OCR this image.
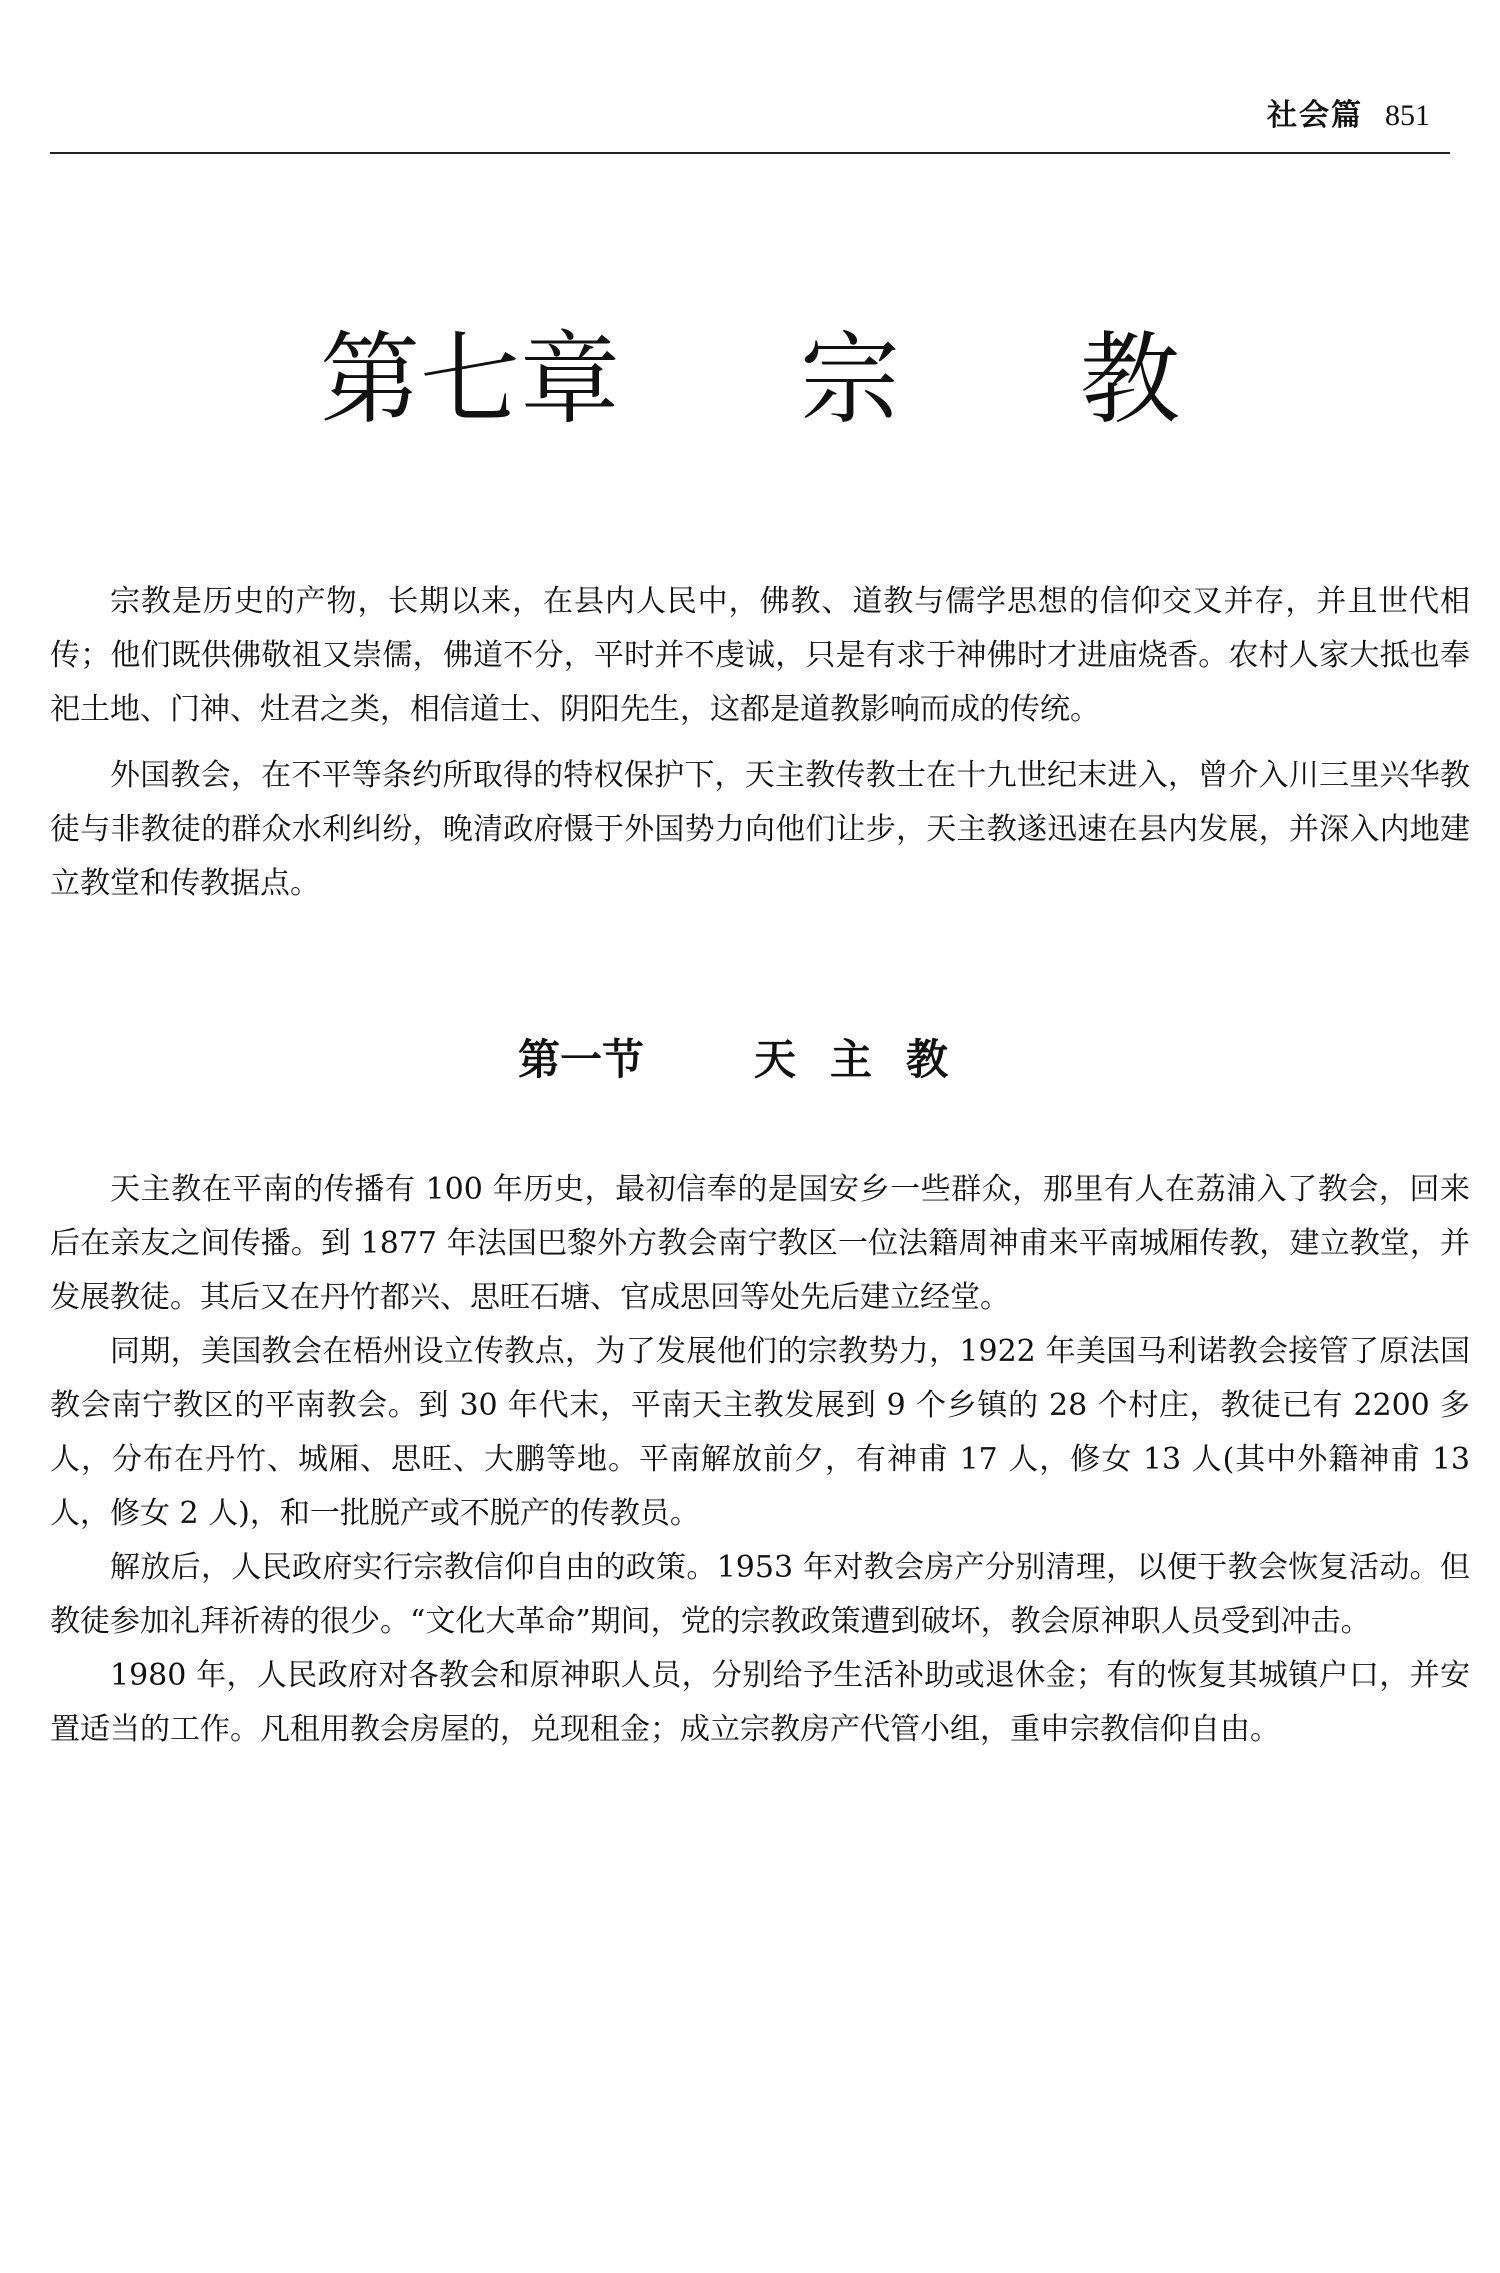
社会篇 851
第七章 宗 教

宗教是历史的产物，长期以来，在县内人民中，佛教、道教与儒学思想的信仰交叉并存，并且世代相传；他们既供佛敬祖又崇儒，佛道不分，平时并不虔诚，只是有求于神佛时才进庙烧香。农村人家大抵也奉祀土地、门神、灶君之类，相信道士、阴阳先生，这都是道教影响而成的传统。

外国教会，在不平等条约所取得的特权保护下，天主教传教士在十九世纪末进入，曾介入川三里兴华教徒与非教徒的群众水利纠纷，晚清政府慑于外国势力向他们让步，天主教遂迅速在县内发展，并深入内地建立教堂和传教据点。

第一节	天主教

天主教在平南的传播有 100 年历史，最初信奉的是国安乡一些群众，那里有人在荔浦入了教会，回来后在亲友之间传播。到 1877 年法国巴黎外方教会南宁教区一位法籍周神甫来平南城厢传教，建立教堂，并发展教徒。其后又在丹竹都兴、思旺石塘、官成思回等处先后建立经堂。

同期，美国教会在梧州设立传教点，为了发展他们的宗教势力，1922 年美国马利诺教会接管了原法国教会南宁教区的平南教会。到 30 年代末，平南天主教发展到 9 个乡镇的 28 个村庄，教徒已有 2200 多人，分布在丹竹、城厢、思旺、大鹏等地。平南解放前夕，有神甫 17 人，修女 13 人(其中外籍神甫 13 人，修女 2 人)，和一批脱产或不脱产的传教员。

解放后，人民政府实行宗教信仰自由的政策。1953 年对教会房产分别清理，以便于教会恢复活动。但教徒参加礼拜祈祷的很少。“文化大革命”期间，党的宗教政策遭到破坏，教会原神职人员受到冲击。

1980 年，人民政府对各教会和原神职人员，分别给予生活补助或退休金；有的恢复其城镇户口，并安置适当的工作。凡租用教会房屋的，兑现租金；成立宗教房产代管小组，重申宗教信仰自由。
